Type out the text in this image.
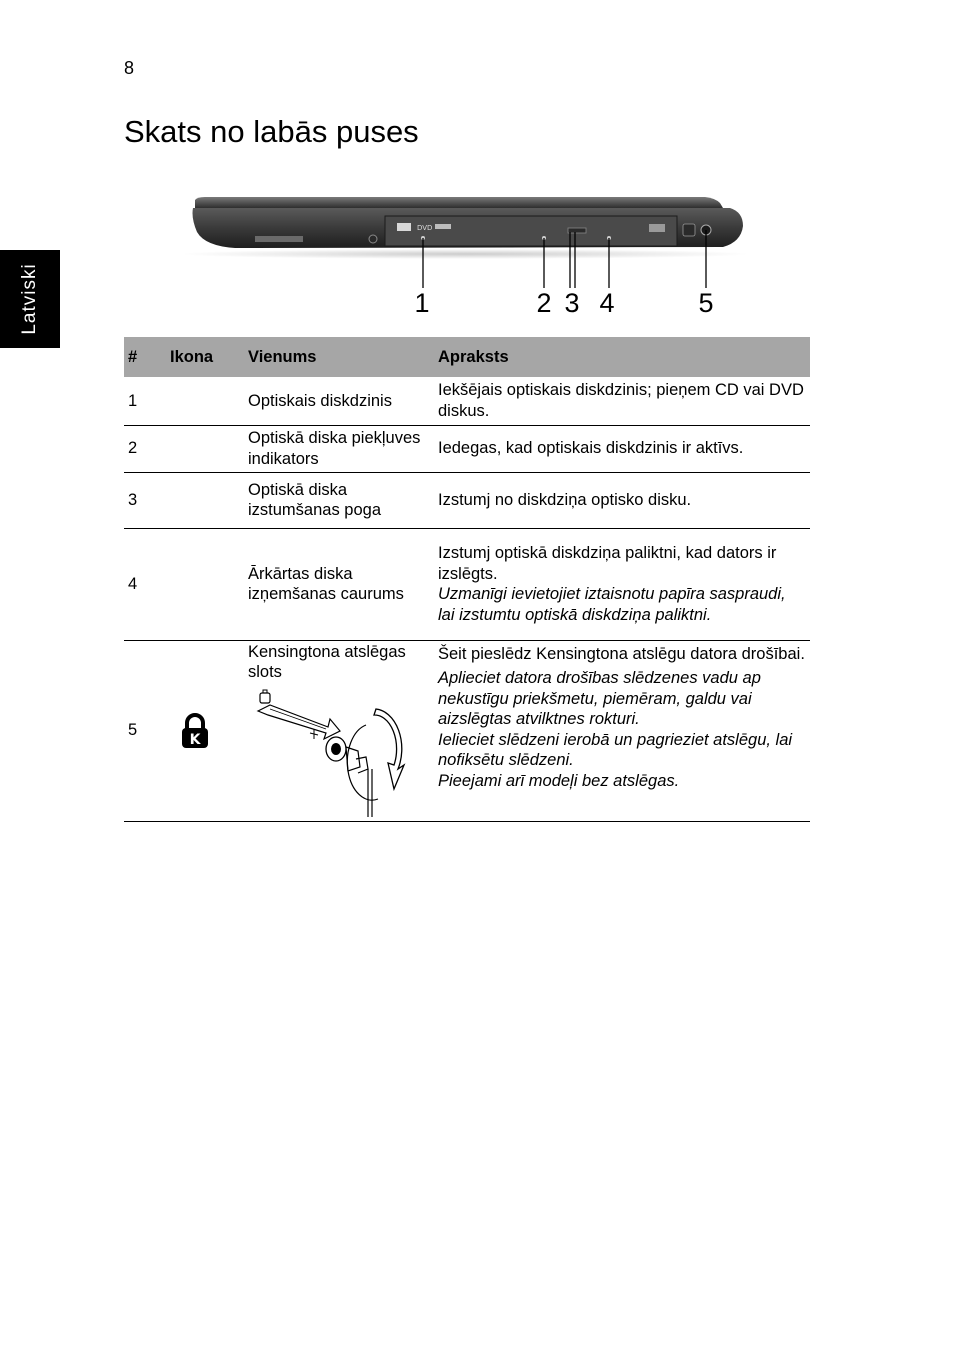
8
Latviski
Skats no labās puses
DVD
1	2 3 4	5
#	Ikona	Vienums	Apraksts
1		Optiskais diskdzinis	Iekšējais optiskais diskdzinis; pieņem CD vai DVD diskus.
2		Optiskā diska piekļuves indikators	Iedegas, kad optiskais diskdzinis ir aktīvs.
3		Optiskā diska izstumšanas poga	Izstumj no diskdziņa optisko disku.
4		Ārkārtas diska izņemšanas caurums	Izstumj optiskā diskdziņa paliktni, kad dators ir izslēgts.
Uzmanīgi ievietojiet iztaisnotu papīra saspraudi, lai izstumtu optiskā diskdziņa paliktni.

5	K	Kensingtona atslēgas slots	Šeit pieslēdz Kensingtona atslēgu datora drošībai.
Aplieciet datora drošības slēdzenes vadu ap nekustīgu priekšmetu, piemēram, galdu vai aizslēgtas atvilktnes rokturi.
Ielieciet slēdzeni ierobā un pagrieziet atslēgu, lai nofiksētu slēdzeni.
Pieejami arī modeļi bez atslēgas.
